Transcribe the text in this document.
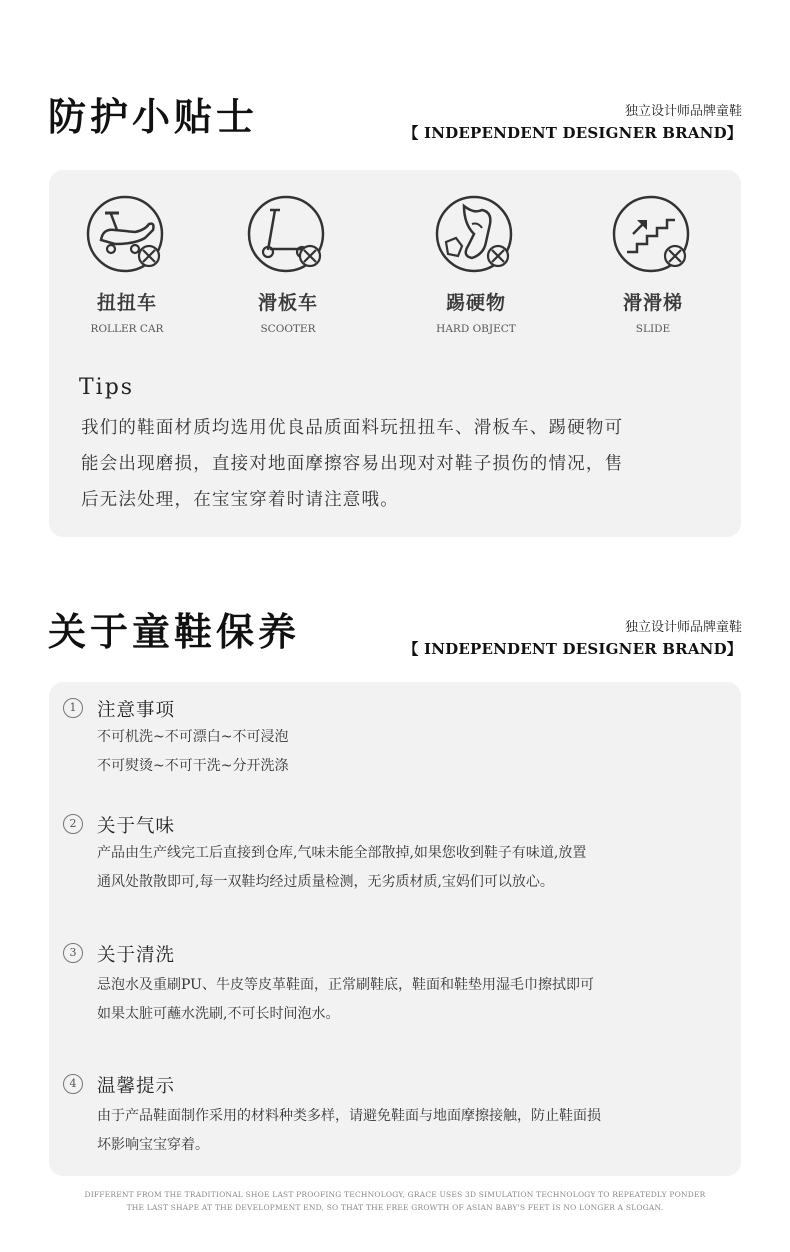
防护小贴士	独立设计师品牌童鞋
【 INDEPENDENT DESIGNER BRAND】
扭扭车
ROLLER CAR
滑板车
SCOOTER
踢硬物
HARD OBJECT
滑滑梯
SLIDE
Tips
我们的鞋面材质均选用优良品质面料玩扭扭车、滑板车、踢硬物可
能会出现磨损，直接对地面摩擦容易出现对对鞋子损伤的情况，售
后无法处理，在宝宝穿着时请注意哦。
关于童鞋保养	独立设计师品牌童鞋
【 INDEPENDENT DESIGNER BRAND】
1	注意事项
不可机洗~不可漂白~不可浸泡
不可熨烫~不可干洗~分开洗涤
2	关于气味
产品由生产线完工后直接到仓库,气味未能全部散掉,如果您收到鞋子有味道,放置
通风处散散即可,每一双鞋均经过质量检测，无劣质材质,宝妈们可以放心。
3	关于清洗
忌泡水及重刷PU、牛皮等皮革鞋面，正常刷鞋底，鞋面和鞋垫用湿毛巾擦拭即可
如果太脏可蘸水洗刷,不可长时间泡水。
4	温馨提示
由于产品鞋面制作采用的材料种类多样，请避免鞋面与地面摩擦接触，防止鞋面损
坏影响宝宝穿着。
DIFFERENT FROM THE TRADITIONAL SHOE LAST PROOFING TECHNOLOGY, GRACE USES 3D SIMULATION TECHNOLOGY TO REPEATEDLY PONDER
THE LAST SHAPE AT THE DEVELOPMENT END, SO THAT THE FREE GROWTH OF ASIAN BABY'S FEET IS NO LONGER A SLOGAN.
